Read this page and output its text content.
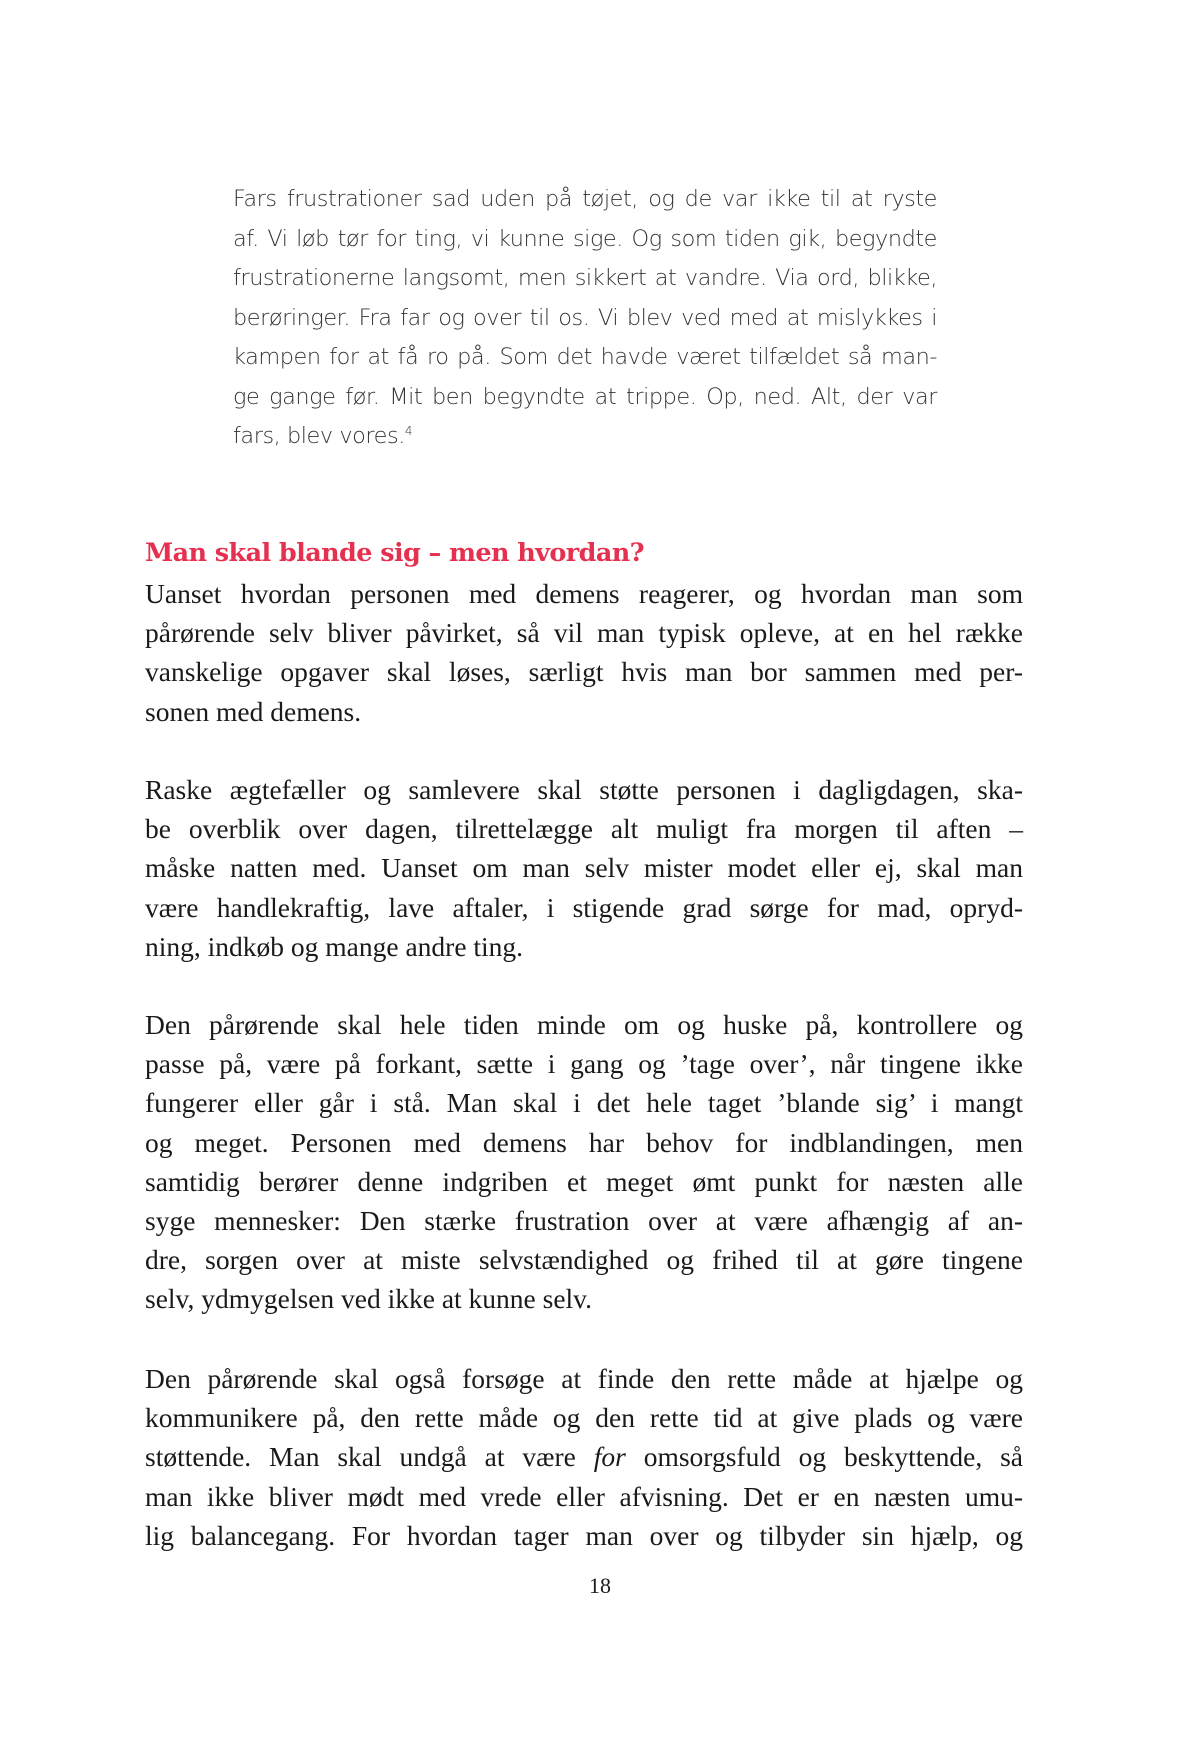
Fars frustrationer sad uden på tøjet, og de var ikke til at ryste
af. Vi løb tør for ting, vi kunne sige. Og som tiden gik, begyndte
frustrationerne langsomt, men sikkert at vandre. Via ord, blikke,
berøringer. Fra far og over til os. Vi blev ved med at mislykkes i
kampen for at få ro på. Som det havde været tilfældet så man-
ge gange før. Mit ben begyndte at trippe. Op, ned. Alt, der var
fars, blev vores.$^4$
Man skal blande sig – men hvordan?
Uanset hvordan personen med demens reagerer, og hvordan man som
pårørende selv bliver påvirket, så vil man typisk opleve, at en hel række
vanskelige opgaver skal løses, særligt hvis man bor sammen med per-
sonen med demens.
Raske ægtefæller og samlevere skal støtte personen i dagligdagen, ska-
be overblik over dagen, tilrettelægge alt muligt fra morgen til aften –
måske natten med. Uanset om man selv mister modet eller ej, skal man
være handlekraftig, lave aftaler, i stigende grad sørge for mad, opryd-
ning, indkøb og mange andre ting.
Den pårørende skal hele tiden minde om og huske på, kontrollere og
passe på, være på forkant, sætte i gang og ’tage over’, når tingene ikke
fungerer eller går i stå. Man skal i det hele taget ’blande sig’ i mangt
og meget. Personen med demens har behov for indblandingen, men
samtidig berører denne indgriben et meget ømt punkt for næsten alle
syge mennesker: Den stærke frustration over at være afhængig af an-
dre, sorgen over at miste selvstændighed og frihed til at gøre tingene
selv, ydmygelsen ved ikke at kunne selv.
Den pårørende skal også forsøge at finde den rette måde at hjælpe og
kommunikere på, den rette måde og den rette tid at give plads og være
støttende. Man skal undgå at være for omsorgsfuld og beskyttende, så
man ikke bliver mødt med vrede eller afvisning. Det er en næsten umu-
lig balancegang. For hvordan tager man over og tilbyder sin hjælp, og
18
